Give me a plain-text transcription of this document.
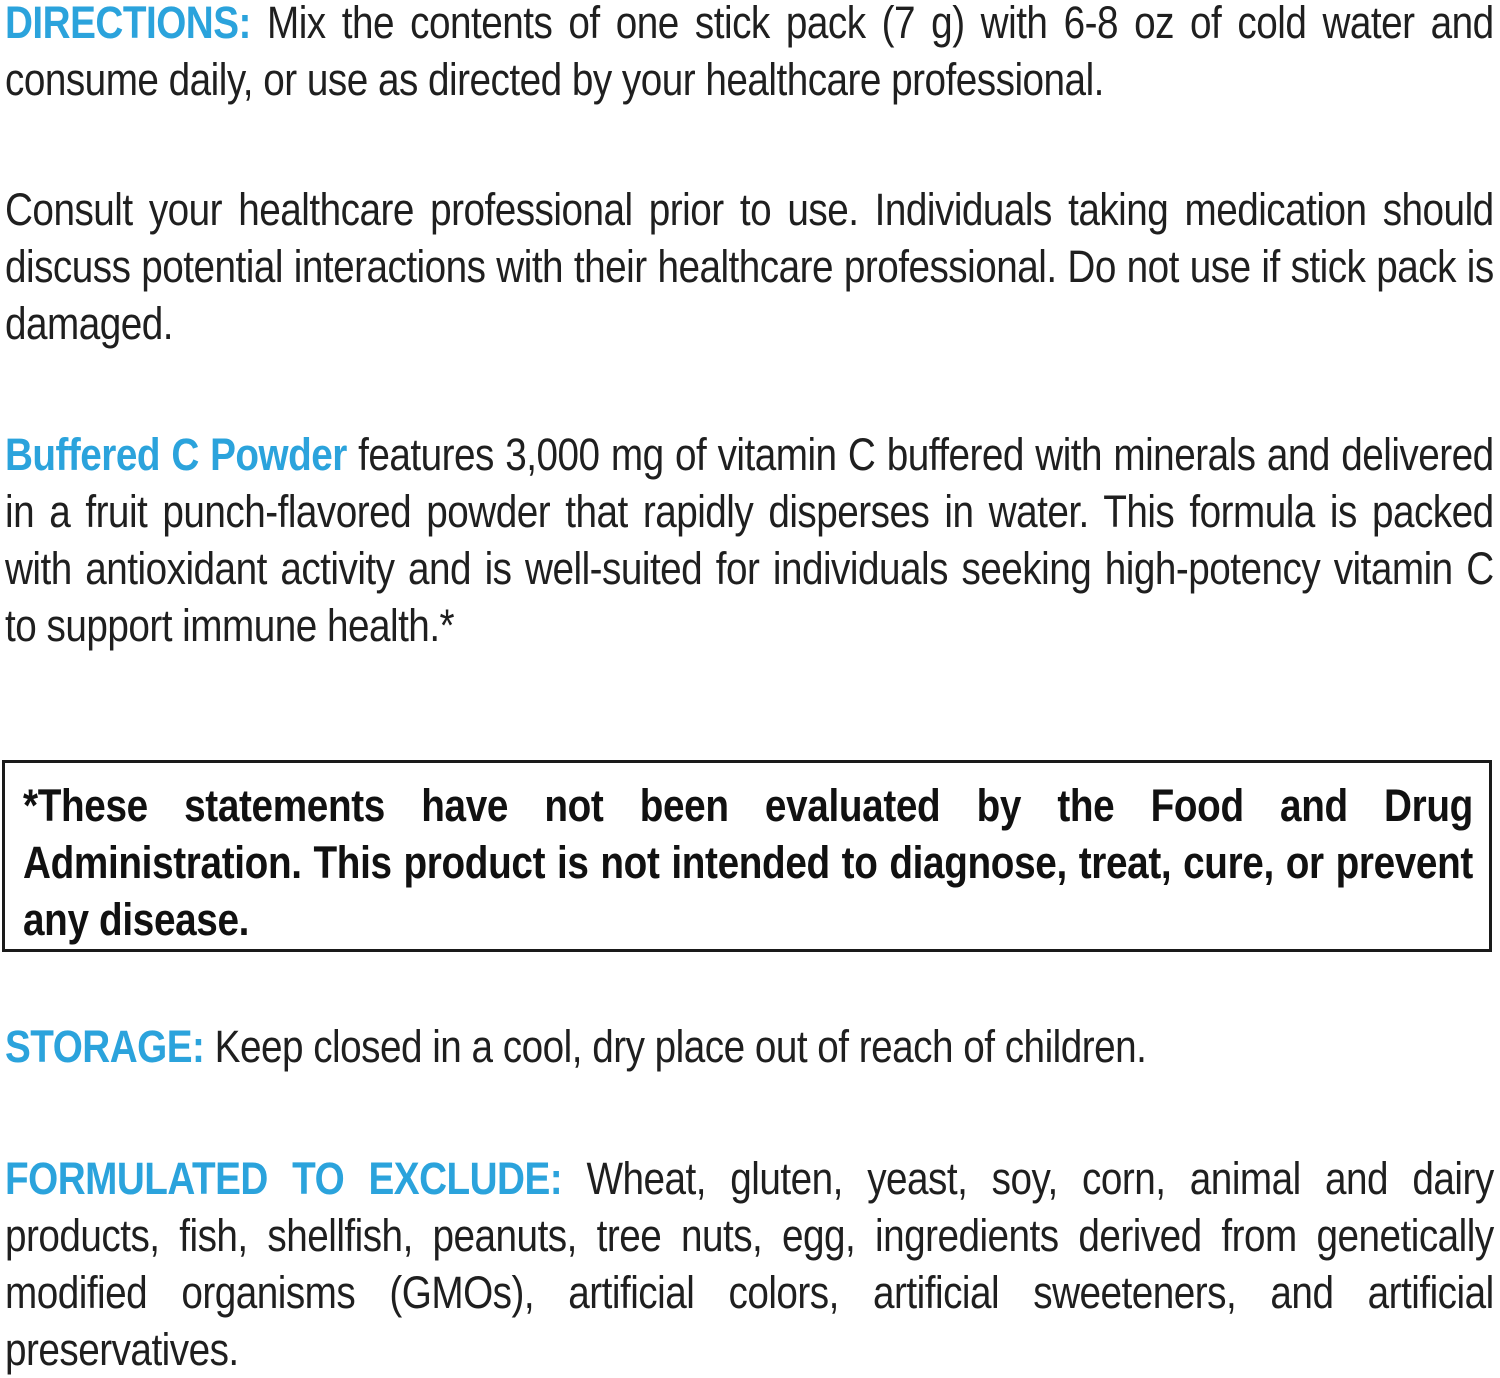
DIRECTIONS: Mix the contents of one stick pack (7 g) with 6-8 oz of cold water and consume daily, or use as directed by your healthcare professional.

Consult your healthcare professional prior to use. Individuals taking medication should discuss potential interactions with their healthcare professional. Do not use if stick pack is damaged.

Buffered C Powder features 3,000 mg of vitamin C buffered with minerals and delivered in a fruit punch-flavored powder that rapidly disperses in water. This formula is packed with antioxidant activity and is well-suited for individuals seeking high-potency vitamin C to support immune health.*

*These statements have not been evaluated by the Food and Drug Administration. This product is not intended to diagnose, treat, cure, or prevent any disease.

STORAGE: Keep closed in a cool, dry place out of reach of children.

FORMULATED TO EXCLUDE: Wheat, gluten, yeast, soy, corn, animal and dairy products, fish, shellfish, peanuts, tree nuts, egg, ingredients derived from genetically modified organisms (GMOs), artificial colors, artificial sweeteners, and artificial preservatives.
